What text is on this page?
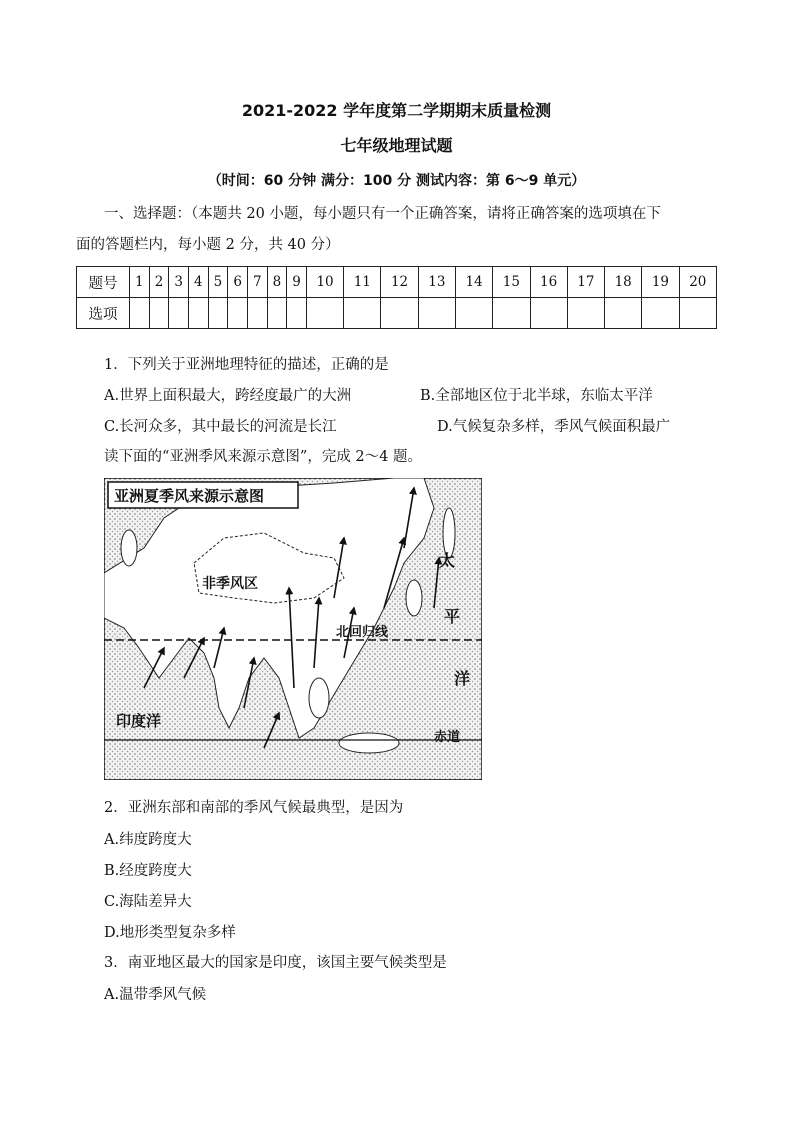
2021-2022 学年度第二学期期末质量检测
七年级地理试题
（时间：60 分钟 满分：100 分 测试内容：第 6～9 单元）
一、选择题：（本题共 20 小题，每小题只有一个正确答案，请将正确答案的选项填在下
面的答题栏内，每小题 2 分，共 40 分）
题号	1	2	3	4	5	6	7	8	9	10	11	12	13	14	15	16	17	18	19	20
选项																				
1．下列关于亚洲地理特征的描述，正确的是
A.世界上面积最大，跨经度最广的大洲	B.全部地区位于北半球，东临太平洋
C.长河众多，其中最长的河流是长江	D.气候复杂多样，季风气候面积最广
读下面的“亚洲季风来源示意图”，完成 2～4 题。
亚洲夏季风来源示意图
非季风区
北回归线
印度洋
赤道
太
平
洋
2．亚洲东部和南部的季风气候最典型，是因为
A.纬度跨度大
B.经度跨度大
C.海陆差异大
D.地形类型复杂多样
3．南亚地区最大的国家是印度，该国主要气候类型是
A.温带季风气候
